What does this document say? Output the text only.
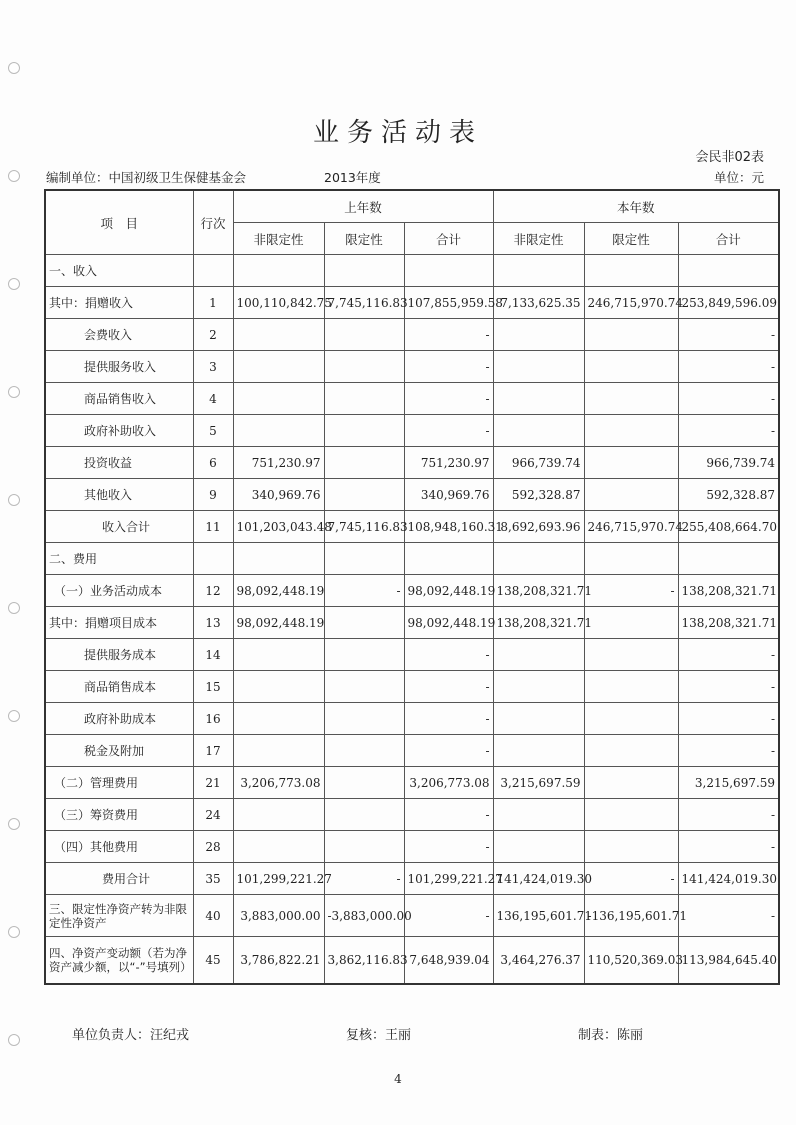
业务活动表
会民非02表
编制单位：中国初级卫生保健基金会	2013年度	单位：元
项　目	行次	上年数			本年数		
		非限定性	限定性	合计	非限定性	限定性	合计
一、收入							
其中：捐赠收入	1	100,110,842.75	7,745,116.83	107,855,959.58	7,133,625.35	246,715,970.74	253,849,596.09
会费收入	2			-			-
提供服务收入	3			-			-
商品销售收入	4			-			-
政府补助收入	5			-			-
投资收益	6	751,230.97		751,230.97	966,739.74		966,739.74
其他收入	9	340,969.76		340,969.76	592,328.87		592,328.87
收入合计	11	101,203,043.48	7,745,116.83	108,948,160.31	8,692,693.96	246,715,970.74	255,408,664.70
二、费用							
（一）业务活动成本	12	98,092,448.19	-	98,092,448.19	138,208,321.71	-	138,208,321.71
其中：捐赠项目成本	13	98,092,448.19		98,092,448.19	138,208,321.71		138,208,321.71
提供服务成本	14			-			-
商品销售成本	15			-			-
政府补助成本	16			-			-
税金及附加	17			-			-
（二）管理费用	21	3,206,773.08		3,206,773.08	3,215,697.59		3,215,697.59
（三）筹资费用	24			-			-
（四）其他费用	28			-			-
费用合计	35	101,299,221.27	-	101,299,221.27	141,424,019.30	-	141,424,019.30
三、限定性净资产转为非限定性净资产	40	3,883,000.00	-3,883,000.00	-	136,195,601.71	-136,195,601.71	-
四、净资产变动额（若为净资产减少额，以“-”号填列）	45	3,786,822.21	3,862,116.83	7,648,939.04	3,464,276.37	110,520,369.03	113,984,645.40
单位负责人：汪纪戎	复核：王丽	制表：陈丽
4
